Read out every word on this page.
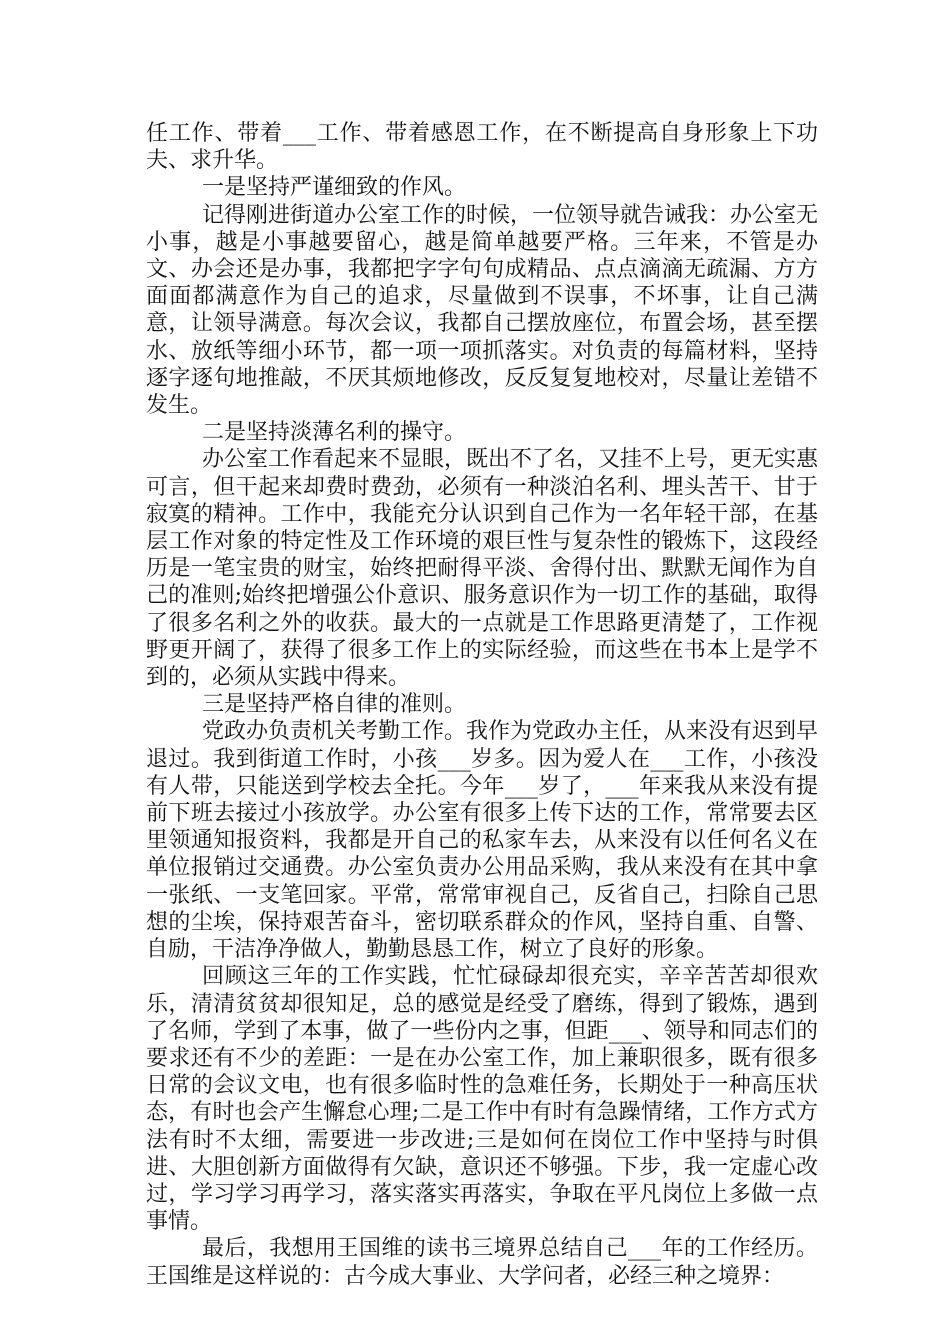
任工作、带着___工作、带着感恩工作，在不断提高自身形象上下功夫、求升华。

一是坚持严谨细致的作风。

记得刚进街道办公室工作的时候，一位领导就告诫我：办公室无小事，越是小事越要留心，越是简单越要严格。三年来，不管是办文、办会还是办事，我都把字字句句成精品、点点滴滴无疏漏、方方面面都满意作为自己的追求，尽量做到不误事，不坏事，让自己满意，让领导满意。每次会议，我都自己摆放座位，布置会场，甚至摆水、放纸等细小环节，都一项一项抓落实。对负责的每篇材料，坚持逐字逐句地推敲，不厌其烦地修改，反反复复地校对，尽量让差错不发生。

二是坚持淡薄名利的操守。

办公室工作看起来不显眼，既出不了名，又挂不上号，更无实惠可言，但干起来却费时费劲，必须有一种淡泊名利、埋头苦干、甘于寂寞的精神。工作中，我能充分认识到自己作为一名年轻干部，在基层工作对象的特定性及工作环境的艰巨性与复杂性的锻炼下，这段经历是一笔宝贵的财宝，始终把耐得平淡、舍得付出、默默无闻作为自己的准则;始终把增强公仆意识、服务意识作为一切工作的基础，取得了很多名利之外的收获。最大的一点就是工作思路更清楚了，工作视野更开阔了，获得了很多工作上的实际经验，而这些在书本上是学不到的，必须从实践中得来。

三是坚持严格自律的准则。

党政办负责机关考勤工作。我作为党政办主任，从来没有迟到早退过。我到街道工作时，小孩___岁多。因为爱人在___工作，小孩没有人带，只能送到学校去全托。今年___岁了，___年来我从来没有提前下班去接过小孩放学。办公室有很多上传下达的工作，常常要去区里领通知报资料，我都是开自己的私家车去，从来没有以任何名义在单位报销过交通费。办公室负责办公用品采购，我从来没有在其中拿一张纸、一支笔回家。平常，常常审视自己，反省自己，扫除自己思想的尘埃，保持艰苦奋斗，密切联系群众的作风，坚持自重、自警、自励，干洁净净做人，勤勤恳恳工作，树立了良好的形象。

回顾这三年的工作实践，忙忙碌碌却很充实，辛辛苦苦却很欢乐，清清贫贫却很知足，总的感觉是经受了磨练，得到了锻炼，遇到了名师，学到了本事，做了一些份内之事，但距___、领导和同志们的要求还有不少的差距：一是在办公室工作，加上兼职很多，既有很多日常的会议文电，也有很多临时性的急难任务，长期处于一种高压状态，有时也会产生懈怠心理;二是工作中有时有急躁情绪，工作方式方法有时不太细，需要进一步改进;三是如何在岗位工作中坚持与时俱进、大胆创新方面做得有欠缺，意识还不够强。下步，我一定虚心改过，学习学习再学习，落实落实再落实，争取在平凡岗位上多做一点事情。

最后，我想用王国维的读书三境界总结自己___年的工作经历。王国维是这样说的：古今成大事业、大学问者，必经三种之境界：
